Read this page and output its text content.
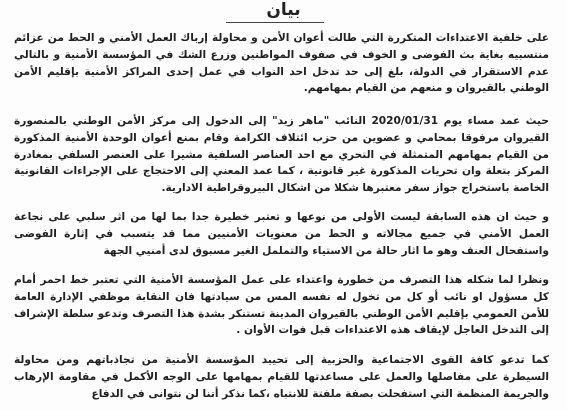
بيان

على خلفية الاعتداءات المتكررة التي طالت أعوان الأمن و محاولة إرباك العمل الأمني و الحط من عزائم منتسبيه بغاية بث الفوضى و الخوف في صفوف المواطنين وزرع الشك في المؤسسة الأمنية و بالتالي عدم الاستقرار في الدولة، بلغ إلى حد تدخل احد النواب في عمل إحدى المراكز الأمنية بإقليم الأمن الوطني بالقيروان و منعهم من القيام بمهامهم.

حيث عمد مساء يوم 2020/01/31 النائب "ماهر زيد" إلى الدخول إلى مركز الأمن الوطني بالمنصورة القيروان مرفوقا بمحامي و عضوين من حزب ائتلاف الكرامة وقام بمنع أعوان الوحدة الأمنية المذكورة من القيام بمهامهم المتمثلة في التحري مع احد العناصر السلفية مشيرا على العنصر السلفي بمغادرة المركز بتعلة وان تحريات المذكورة غير قانونية ، كما عمد المعني إلى الاحتجاج على الإجراءات القانونية الخاصة باستخراج جواز سفر معتبرها شكلا من اشكال البيروقراطية الادارية.

و حيث ان هذه السابقة ليست الأولى من نوعها و تعتبر خطيرة جدا بما لها من اثر سلبي على نجاعة العمل الأمني في جميع مجالاته و الحط من معنويات الأمنيين مما قد يتسبب في إثارة الفوضى واستفحال العنف وهو ما اثار حالة من الاستياء والتململ الغير مسبوق لدى أمنيي الجهة

ونظرا لما شكله هذا التصرف من خطورة واعتداء على عمل المؤسسة الأمنية التي تعتبر خط احمر أمام كل مسؤول او نائب أو كل من تخول له نفسه المس من سيادتها فان النقابة موظفي الإدارة العامة للأمن العمومي بإقليم الأمن الوطني بالقيروان المدينة تستنكر بشدة هذا التصرف وتدعو سلطة الإشراف إلى التدخل العاجل لإيقاف هذه الاعتداءات قبل فوات الأوان .

كما تدعو كافة القوى الاجتماعية والحزبية إلى تحييد المؤسسة الأمنية من تجاذباتهم ومن محاولة السيطرة على مفاصلها والعمل على مساعدتها للقيام بمهامها على الوجه الأكمل في مقاومة الإرهاب والجريمة المنظمة التي استفحلت بصفة ملفتة للانتباه ،كما نذكر أننا لن نتوانى في الدفاع
